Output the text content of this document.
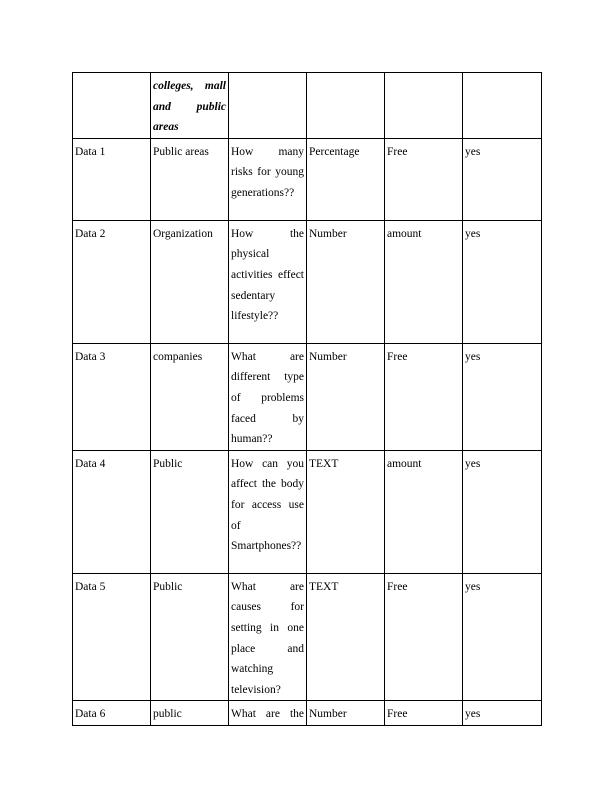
	colleges, mall and public areas				
Data 1	Public areas	How many risks for young generations??	Percentage	Free	yes
Data 2	Organization	How the physical activities effect sedentary lifestyle??	Number	amount	yes
Data 3	companies	What are different type of problems faced by human??	Number	Free	yes
Data 4	Public	How can you affect the body for access use of Smartphones??	TEXT	amount	yes
Data 5	Public	What are causes for setting in one place and watching television?	TEXT	Free	yes
Data 6	public	What are the	Number	Free	yes
